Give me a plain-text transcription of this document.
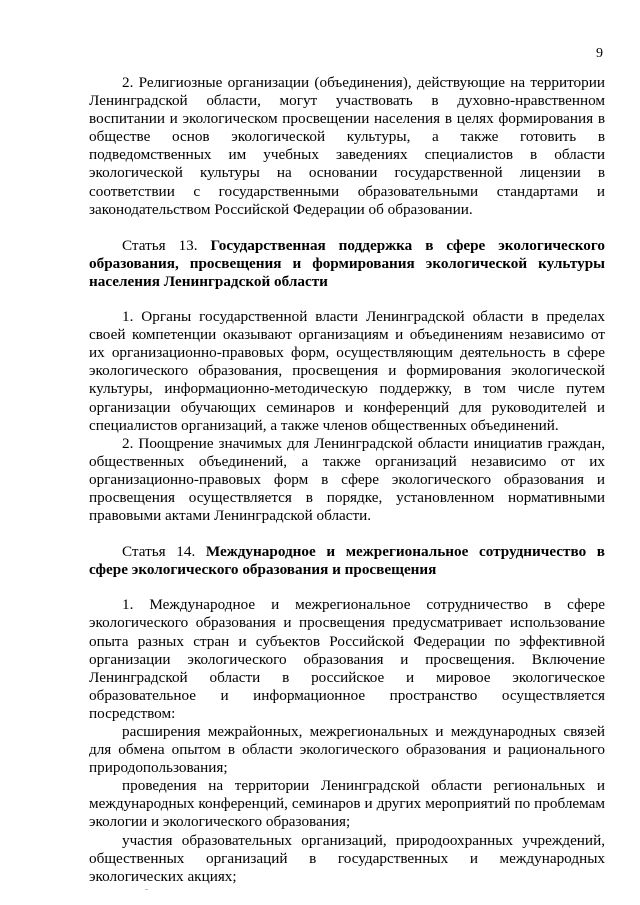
9

2. Религиозные организации (объединения), действующие на территории Ленинградской области, могут участвовать в духовно-нравственном воспитании и экологическом просвещении населения в целях формирования в обществе основ экологической культуры, а также готовить в подведомственных им учебных заведениях специалистов в области экологической культуры на основании государственной лицензии в соответствии с государственными образовательными стандартами и законодательством Российской Федерации об образовании.

Статья 13. Государственная поддержка в сфере экологического образования, просвещения и формирования экологической культуры населения Ленинградской области

1. Органы государственной власти Ленинградской области в пределах своей компетенции оказывают организациям и объединениям независимо от их организационно-правовых форм, осуществляющим деятельность в сфере экологического образования, просвещения и формирования экологической культуры, информационно-методическую поддержку, в том числе путем организации обучающих семинаров и конференций для руководителей и специалистов организаций, а также членов общественных объединений.

2. Поощрение значимых для Ленинградской области инициатив граждан, общественных объединений, а также организаций независимо от их организационно-правовых форм в сфере экологического образования и просвещения осуществляется в порядке, установленном нормативными правовыми актами Ленинградской области.

Статья 14. Международное и межрегиональное сотрудничество в сфере экологического образования и просвещения

1. Международное и межрегиональное сотрудничество в сфере экологического образования и просвещения предусматривает использование опыта разных стран и субъектов Российской Федерации по эффективной организации экологического образования и просвещения. Включение Ленинградской области в российское и мировое экологическое образовательное и информационное пространство осуществляется посредством:

расширения межрайонных, межрегиональных и международных связей для обмена опытом в области экологического образования и рационального природопользования;

проведения на территории Ленинградской области региональных и международных конференций, семинаров и других мероприятий по проблемам экологии и экологического образования;

участия образовательных организаций, природоохранных учреждений, общественных организаций в государственных и международных экологических акциях;
